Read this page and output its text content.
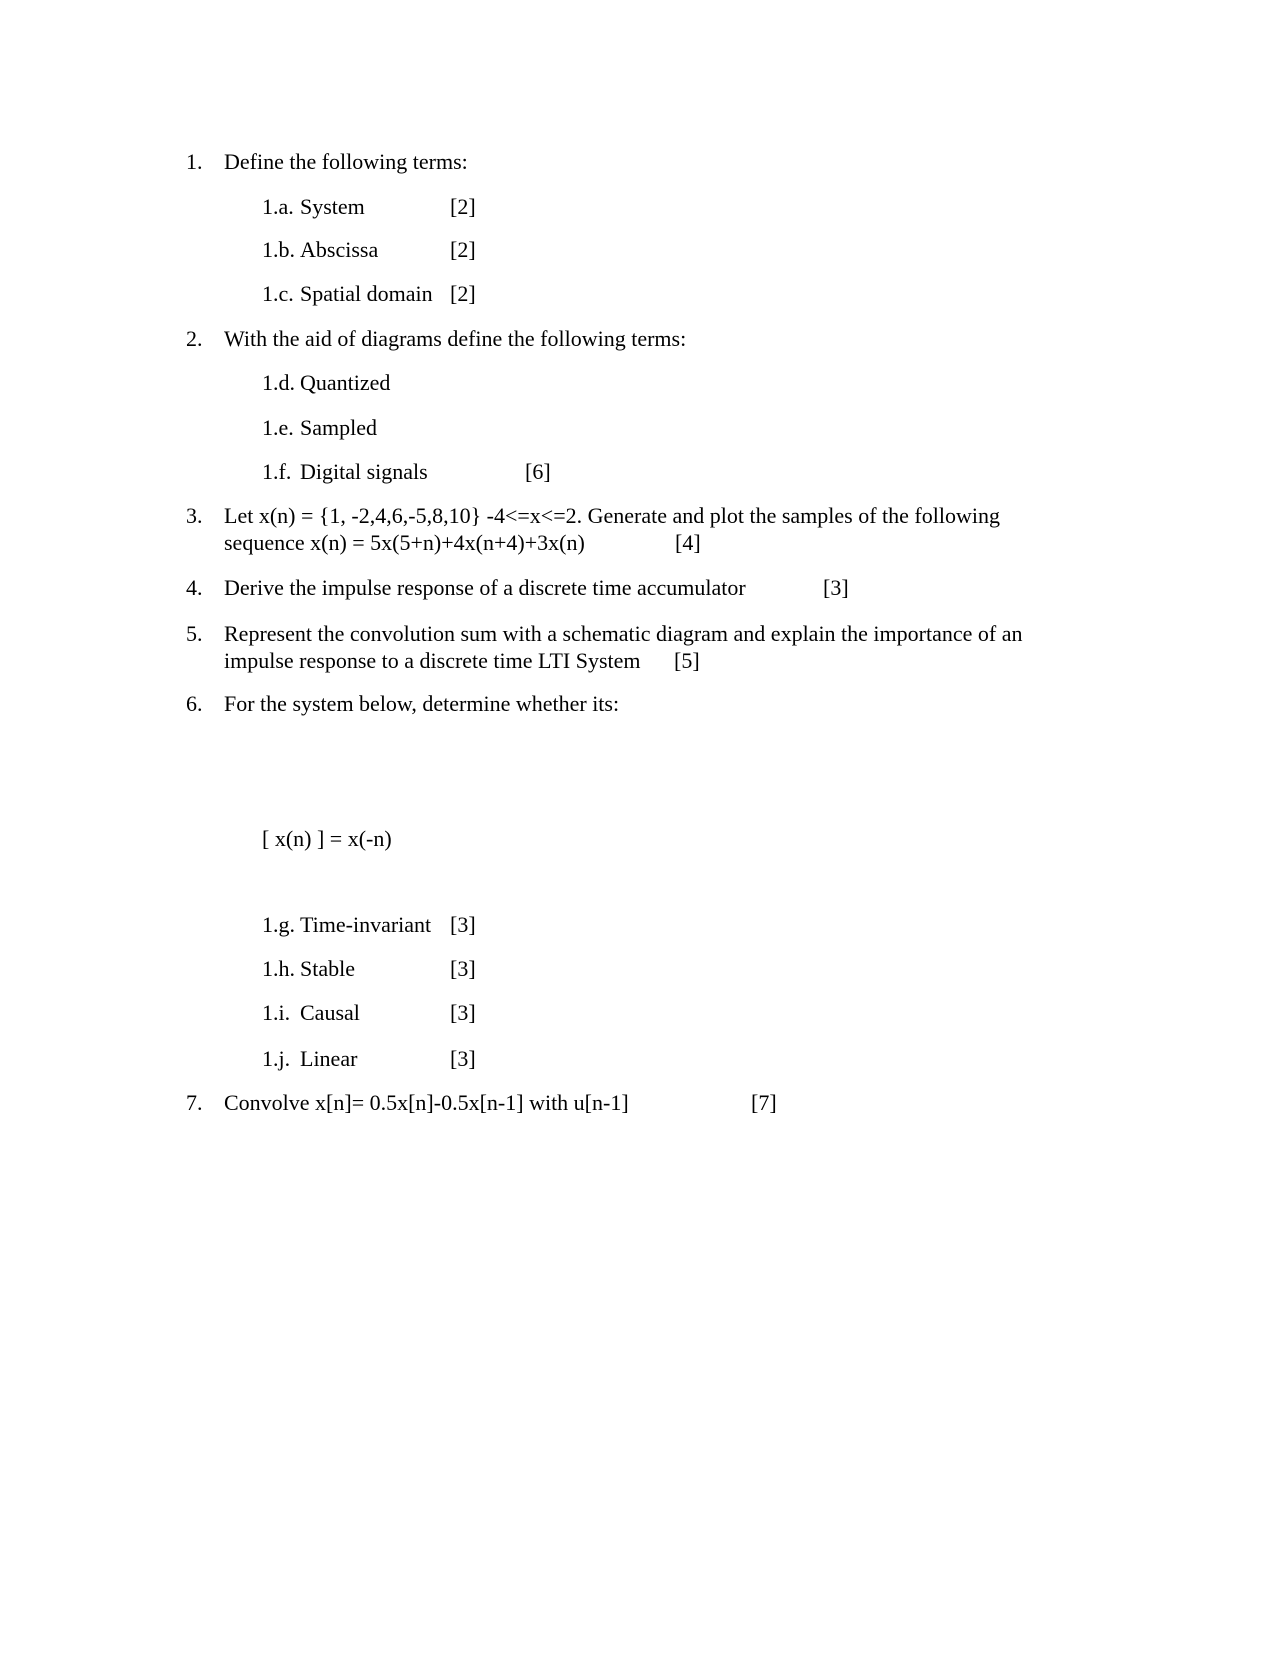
1. Define the following terms:
1.a. System	[2]
1.b. Abscissa	[2]
1.c. Spatial domain [2]
2. With the aid of diagrams define the following terms:
1.d. Quantized
1.e. Sampled
1.f. Digital signals	[6]
3. Let x(n) = {1, -2,4,6,-5,8,10} -4<=x<=2. Generate and plot the samples of the following
sequence x(n) = 5x(5+n)+4x(n+4)+3x(n)	[4]
4. Derive the impulse response of a discrete time accumulator	[3]
5. Represent the convolution sum with a schematic diagram and explain the importance of an
impulse response to a discrete time LTI System	[5]
6. For the system below, determine whether its:
[ x(n) ] = x(-n)
1.g. Time-invariant [3]
1.h. Stable	[3]
1.i. Causal	[3]
1.j. Linear	[3]
7. Convolve x[n]= 0.5x[n]-0.5x[n-1] with u[n-1]	[7]
